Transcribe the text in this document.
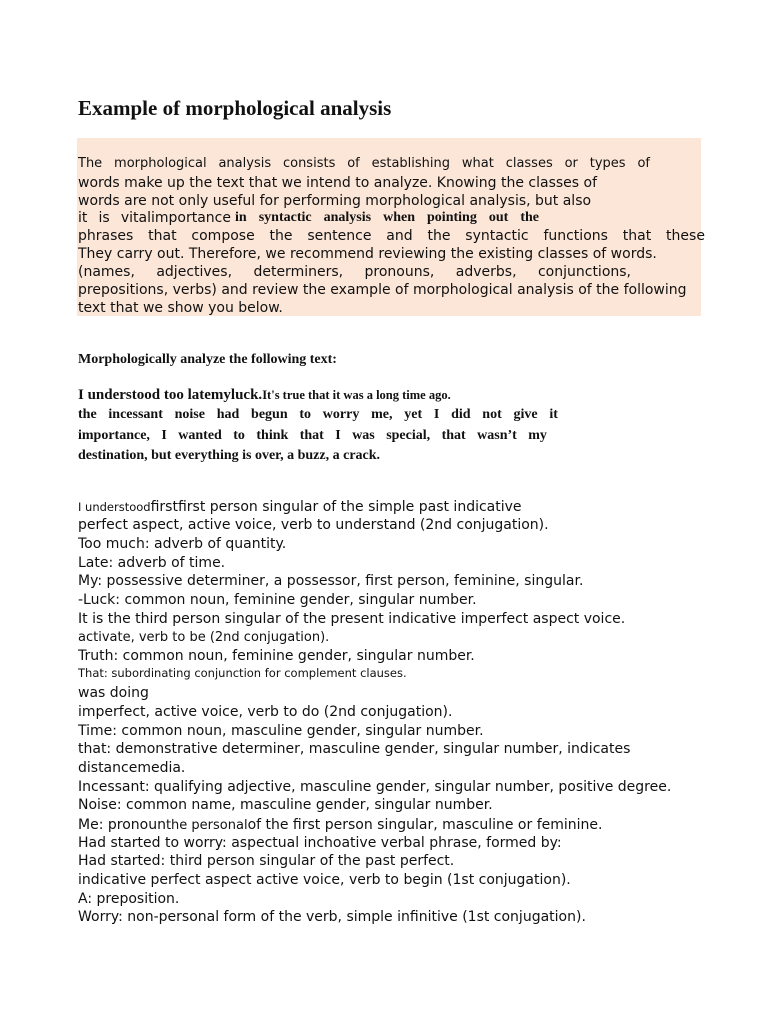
Example of morphological analysis
The morphological analysis consists of establishing what classes or types of
words make up the text that we intend to analyze. Knowing the classes of
words are not only useful for performing morphological analysis, but also
it is vitalimportance in syntactic analysis when pointing out the
phrases that compose the sentence and the syntactic functions that these
They carry out. Therefore, we recommend reviewing the existing classes of words.
(names, adjectives, determiners, pronouns, adverbs, conjunctions,
prepositions, verbs) and review the example of morphological analysis of the following
text that we show you below.
Morphologically analyze the following text:
I understood too latemyluck.It's true that it was a long time ago.
the incessant noise had begun to worry me, yet I did not give it
importance, I wanted to think that I was special, that wasn’t my
destination, but everything is over, a buzz, a crack.
I understoodfirstfirst person singular of the simple past indicative
perfect aspect, active voice, verb to understand (2nd conjugation).
Too much: adverb of quantity.
Late: adverb of time.
My: possessive determiner, a possessor, first person, feminine, singular.
-Luck: common noun, feminine gender, singular number.
It is the third person singular of the present indicative imperfect aspect voice.
activate, verb to be (2nd conjugation).
Truth: common noun, feminine gender, singular number.
That: subordinating conjunction for complement clauses.
was doing
imperfect, active voice, verb to do (2nd conjugation).
Time: common noun, masculine gender, singular number.
that: demonstrative determiner, masculine gender, singular number, indicates
distancemedia.
Incessant: qualifying adjective, masculine gender, singular number, positive degree.
Noise: common name, masculine gender, singular number.
Me: pronounthe personalof the first person singular, masculine or feminine.
Had started to worry: aspectual inchoative verbal phrase, formed by:
Had started: third person singular of the past perfect.
indicative perfect aspect active voice, verb to begin (1st conjugation).
A: preposition.
Worry: non-personal form of the verb, simple infinitive (1st conjugation).
